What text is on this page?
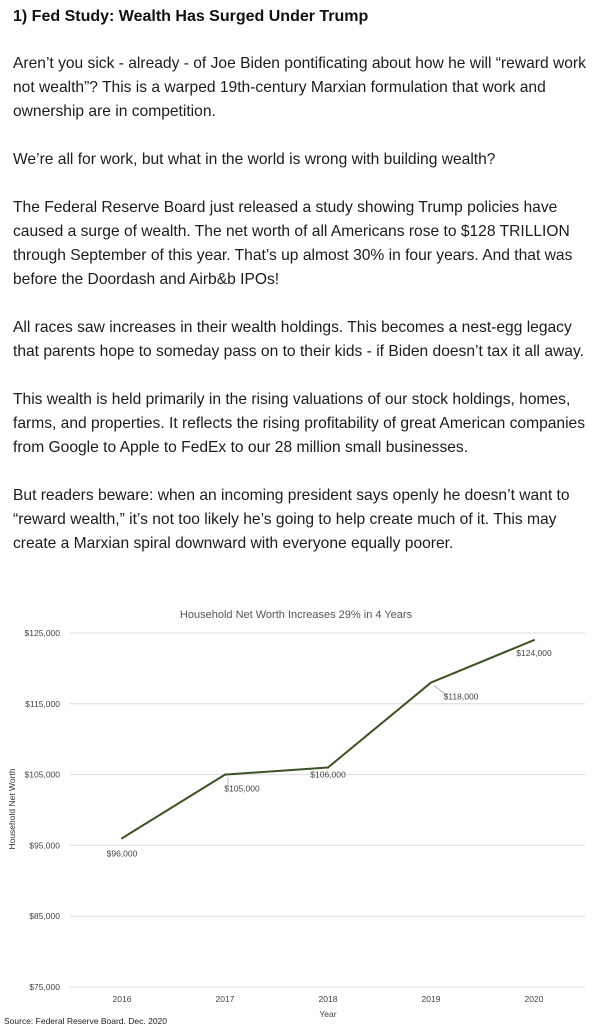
1) Fed Study: Wealth Has Surged Under Trump

Aren’t you sick - already - of Joe Biden pontificating about how he will “reward work not wealth”? This is a warped 19th-century Marxian formulation that work and ownership are in competition.

We’re all for work, but what in the world is wrong with building wealth?

The Federal Reserve Board just released a study showing Trump policies have caused a surge of wealth. The net worth of all Americans rose to $128 TRILLION through September of this year. That’s up almost 30% in four years. And that was before the Doordash and Airb&b IPOs!

All races saw increases in their wealth holdings. This becomes a nest-egg legacy that parents hope to someday pass on to their kids - if Biden doesn’t tax it all away.

This wealth is held primarily in the rising valuations of our stock holdings, homes, farms, and properties. It reflects the rising profitability of great American companies from Google to Apple to FedEx to our 28 million small businesses.

But readers beware: when an incoming president says openly he doesn’t want to “reward wealth,” it’s not too likely he’s going to help create much of it. This may create a Marxian spiral downward with everyone equally poorer.

Household Net Worth Increases 29% in 4 Years
$75,000
$85,000
$95,000
$105,000
$115,000
$125,000
2016	2017	2018	2019	2020
$96,000
$105,000
$106,000
$118,000
$124,000
Household Net Worth
Year

Source: Federal Reserve Board. Dec. 2020
